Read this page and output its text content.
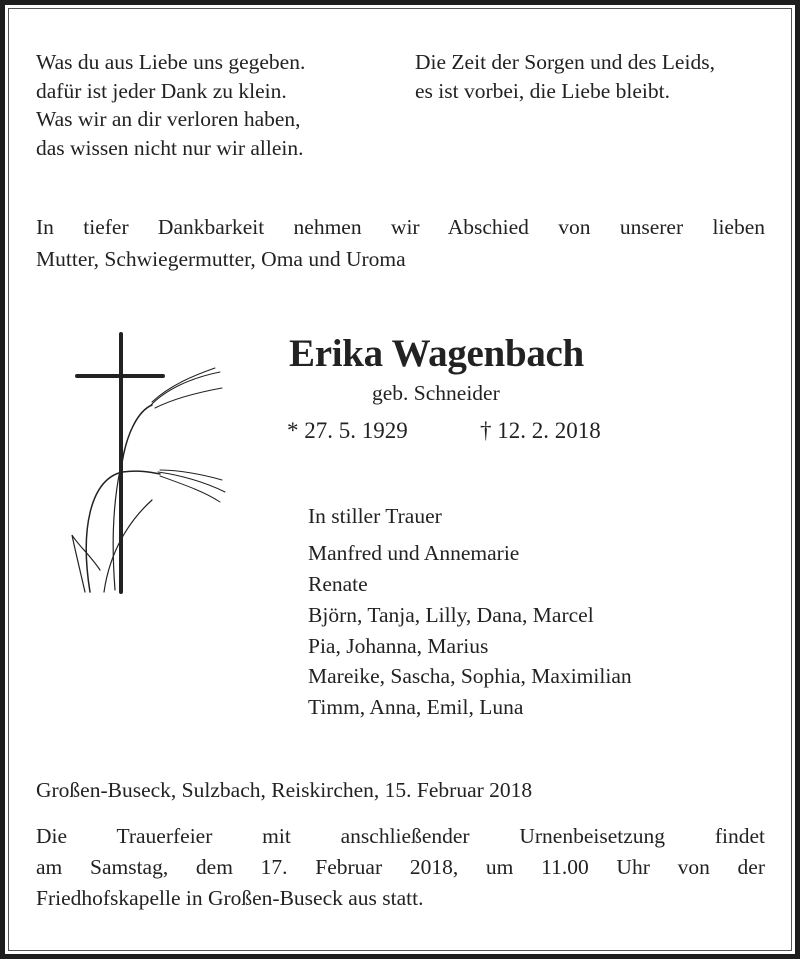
Was du aus Liebe uns gegeben.
dafür ist jeder Dank zu klein.
Was wir an dir verloren haben,
das wissen nicht nur wir allein.
Die Zeit der Sorgen und des Leids,
es ist vorbei, die Liebe bleibt.
In tiefer Dankbarkeit nehmen wir Abschied von unserer lieben
Mutter, Schwiegermutter, Oma und Uroma
Erika Wagenbach
geb. Schneider
* 27. 5. 1929	† 12. 2. 2018
In stiller Trauer
Manfred und Annemarie
Renate
Björn, Tanja, Lilly, Dana, Marcel
Pia, Johanna, Marius
Mareike, Sascha, Sophia, Maximilian
Timm, Anna, Emil, Luna
Großen-Buseck, Sulzbach, Reiskirchen, 15. Februar 2018
Die Trauerfeier mit anschließender Urnenbeisetzung findet
am Samstag, dem 17. Februar 2018, um 11.00 Uhr von der
Friedhofskapelle in Großen-Buseck aus statt.
